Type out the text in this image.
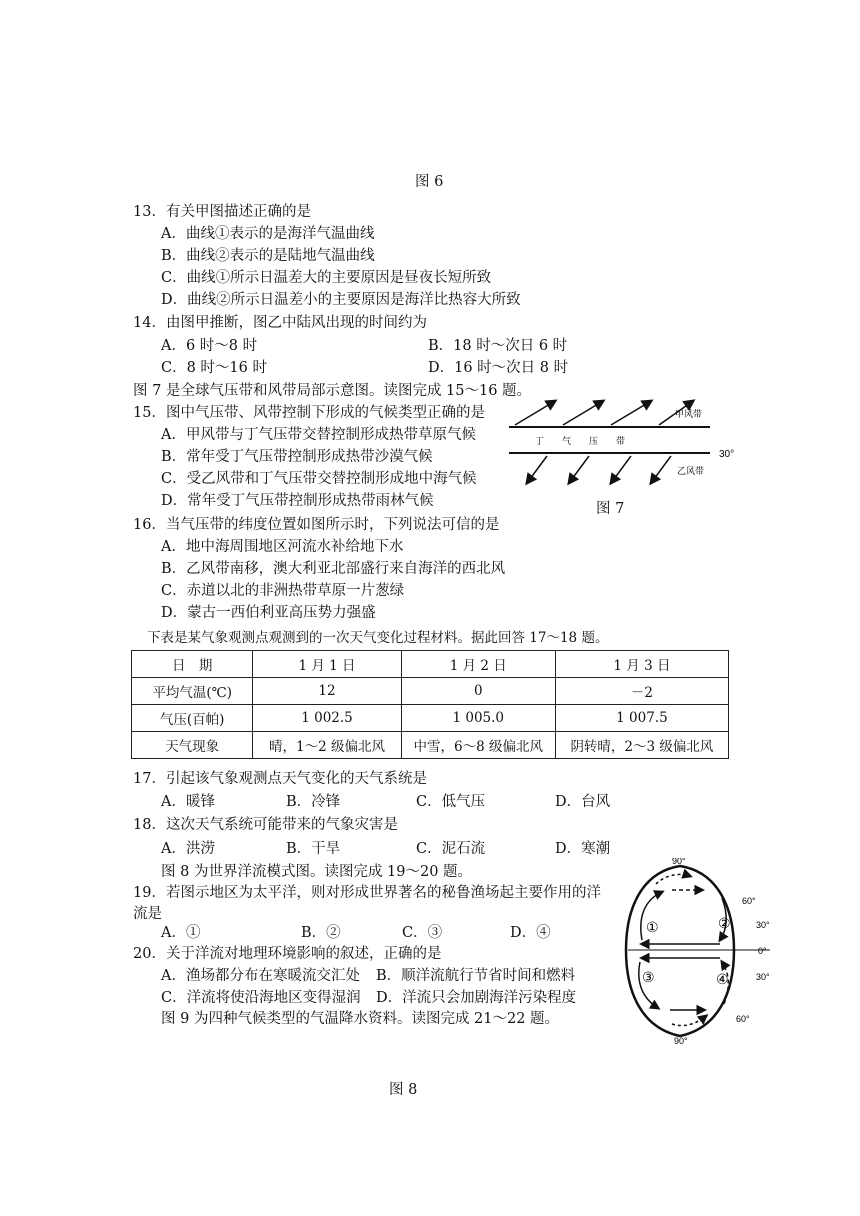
图 6
13．有关甲图描述正确的是
A．曲线①表示的是海洋气温曲线
B．曲线②表示的是陆地气温曲线
C．曲线①所示日温差大的主要原因是昼夜长短所致
D．曲线②所示日温差小的主要原因是海洋比热容大所致
14．由图甲推断，图乙中陆风出现的时间约为
A．6 时～8 时	B．18 时～次日 6 时
C．8 时～16 时	D．16 时～次日 8 时
图 7 是全球气压带和风带局部示意图。读图完成 15～16 题。
15．图中气压带、风带控制下形成的气候类型正确的是
A．甲风带与丁气压带交替控制形成热带草原气候
B．常年受丁气压带控制形成热带沙漠气候
C．受乙风带和丁气压带交替控制形成地中海气候
D．常年受丁气压带控制形成热带雨林气候
甲风带
丁　　气　　压　　带
30°
乙风带
图 7
16．当气压带的纬度位置如图所示时，下列说法可信的是
A．地中海周围地区河流水补给地下水
B．乙风带南移，澳大利亚北部盛行来自海洋的西北风
C．赤道以北的非洲热带草原一片葱绿
D．蒙古一西伯利亚高压势力强盛
下表是某气象观测点观测到的一次天气变化过程材料。据此回答 17～18 题。
日　期	1 月 1 日	1 月 2 日	1 月 3 日
平均气温(℃)	12	0	－2
气压(百帕)	1 002.5	1 005.0	1 007.5
天气现象	晴，1～2 级偏北风	中雪，6～8 级偏北风	阴转晴，2～3 级偏北风
17．引起该气象观测点天气变化的天气系统是
A．暖锋	B．冷锋	C．低气压	D．台风
18．这次天气系统可能带来的气象灾害是
A．洪涝	B．干旱	C．泥石流	D．寒潮
图 8 为世界洋流模式图。读图完成 19～20 题。
19．若图示地区为太平洋，则对形成世界著名的秘鲁渔场起主要作用的洋
流是
A．①	B．②	C．③	D．④
20．关于洋流对地理环境影响的叙述，正确的是
A．渔场都分布在寒暖流交汇处 B．顺洋流航行节省时间和燃料
C．洋流将使沿海地区变得湿润 D．洋流只会加剧海洋污染程度
图 9 为四种气候类型的气温降水资料。读图完成 21～22 题。
①	②
③	④
90°
60°
30°
0°
30°
60°
90°
图 8
